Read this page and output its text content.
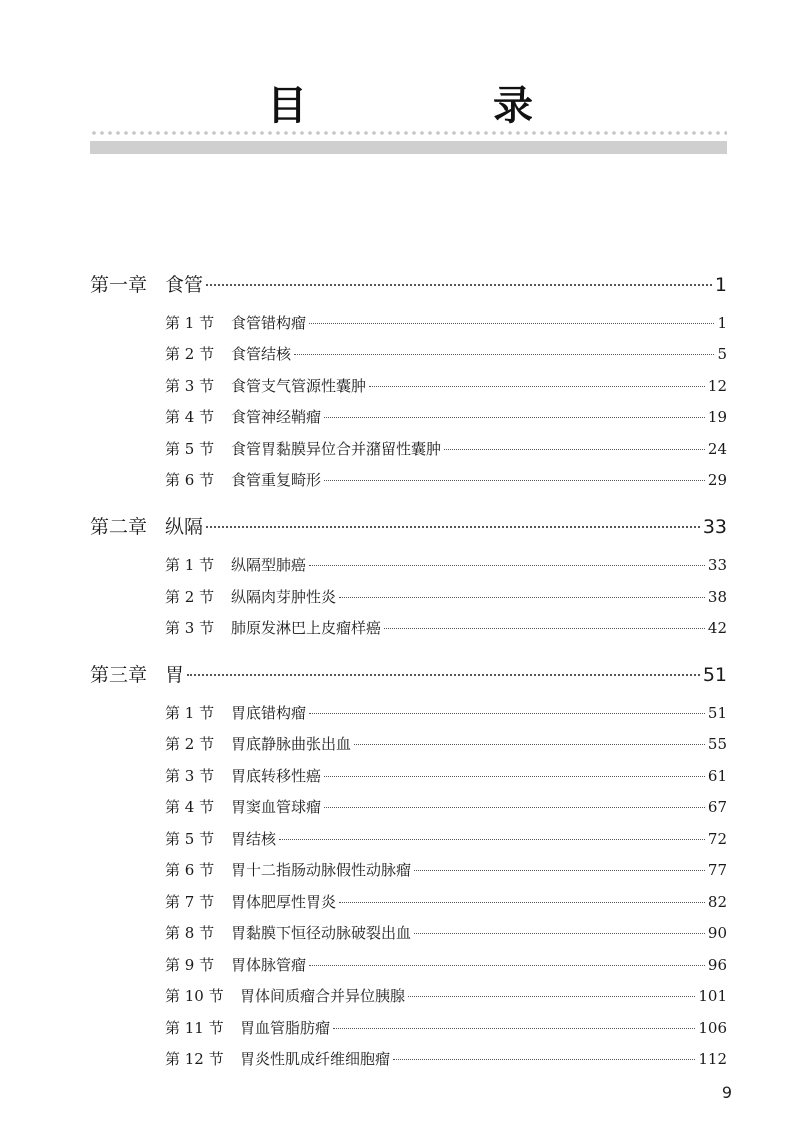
目 录
第一章 食管	1
第 1 节	食管错构瘤	1
第 2 节	食管结核	5
第 3 节	食管支气管源性囊肿	12
第 4 节	食管神经鞘瘤	19
第 5 节	食管胃黏膜异位合并潴留性囊肿	24
第 6 节	食管重复畸形	29
第二章 纵隔	33
第 1 节	纵隔型肺癌	33
第 2 节	纵隔肉芽肿性炎	38
第 3 节	肺原发淋巴上皮瘤样癌	42
第三章 胃	51
第 1 节	胃底错构瘤	51
第 2 节	胃底静脉曲张出血	55
第 3 节	胃底转移性癌	61
第 4 节	胃窦血管球瘤	67
第 5 节	胃结核	72
第 6 节	胃十二指肠动脉假性动脉瘤	77
第 7 节	胃体肥厚性胃炎	82
第 8 节	胃黏膜下恒径动脉破裂出血	90
第 9 节	胃体脉管瘤	96
第 10 节	胃体间质瘤合并异位胰腺	101
第 11 节	胃血管脂肪瘤	106
第 12 节	胃炎性肌成纤维细胞瘤	112
9
